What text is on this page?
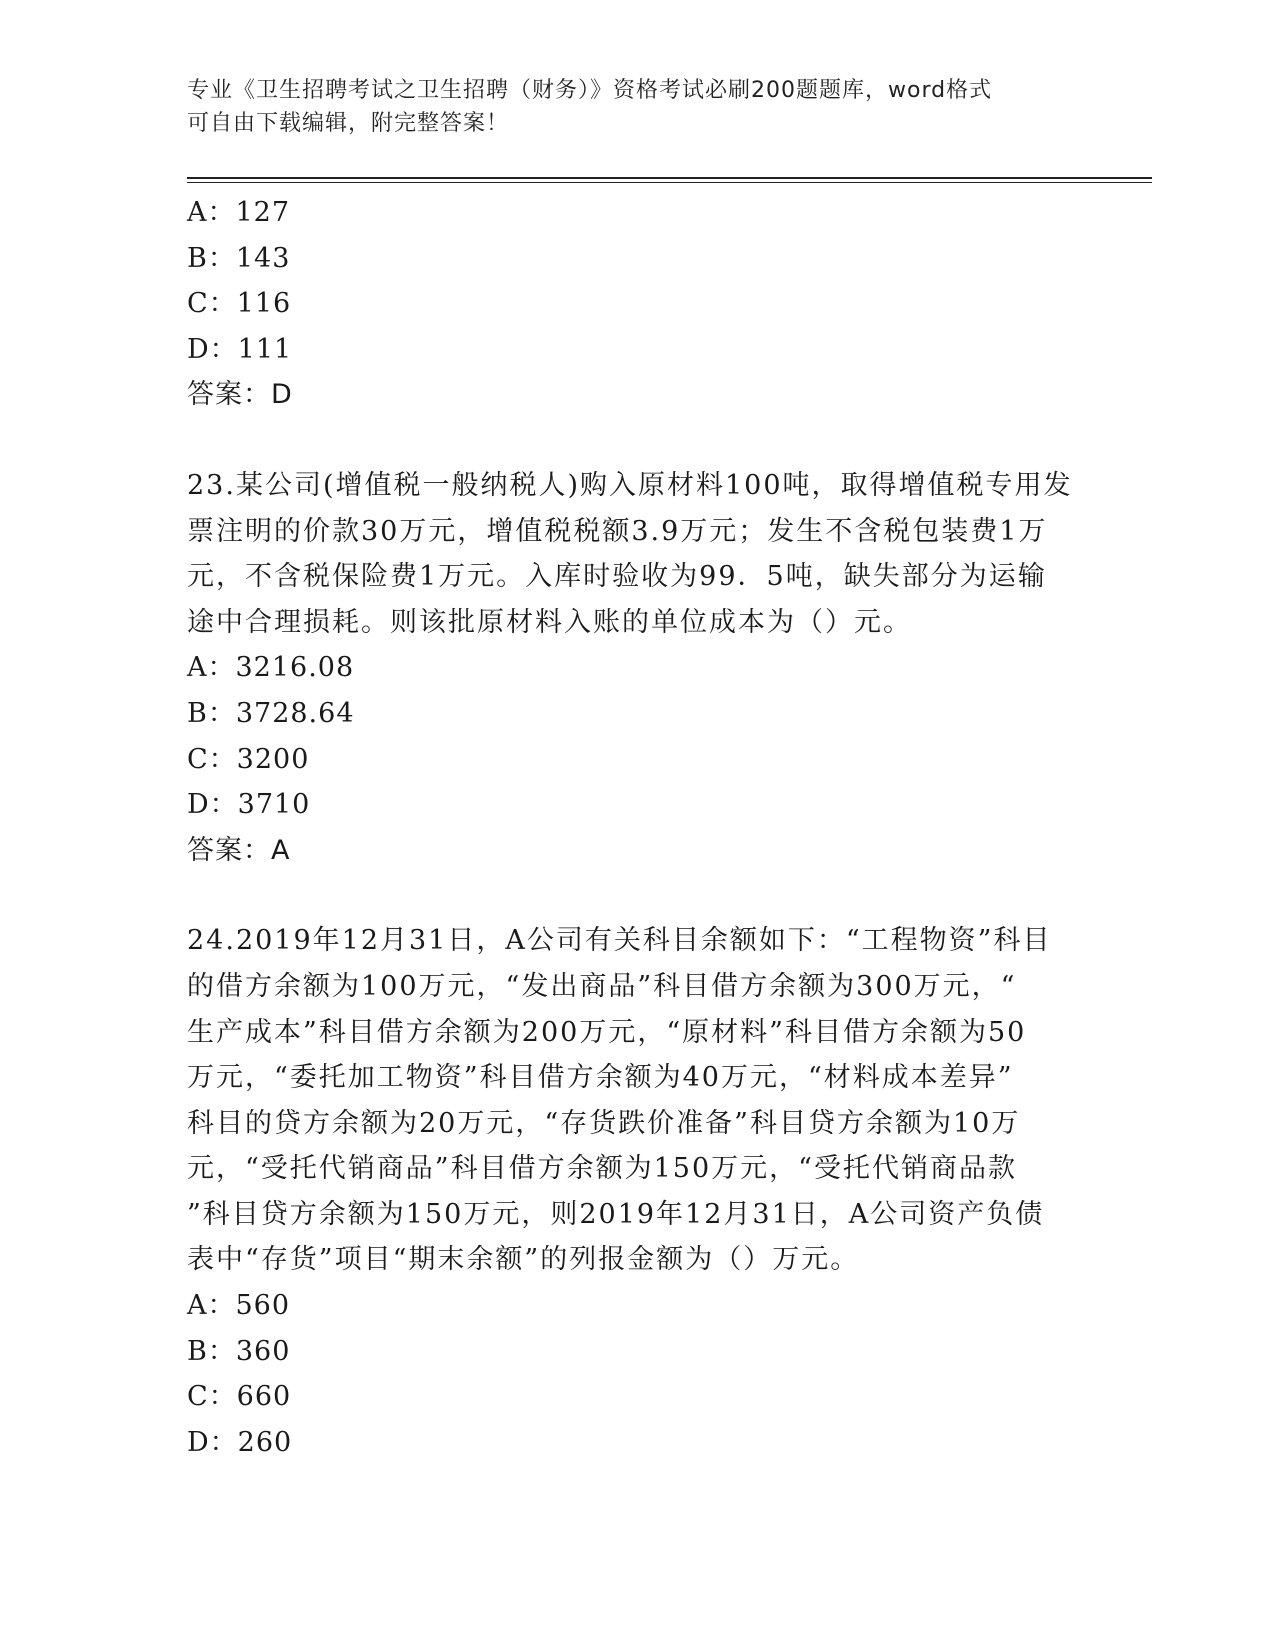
专业《卫生招聘考试之卫生招聘（财务）》资格考试必刷200题题库，word格式
可自由下载编辑，附完整答案！
A：127
B：143
C：116
D：111
答案：D
23.某公司(增值税一般纳税人)购入原材料100吨，取得增值税专用发
票注明的价款30万元，增值税税额3.9万元；发生不含税包装费1万
元，不含税保险费1万元。入库时验收为99．5吨，缺失部分为运输
途中合理损耗。则该批原材料入账的单位成本为（）元。
A：3216.08
B：3728.64
C：3200
D：3710
答案：A
24.2019年12月31日，A公司有关科目余额如下：“工程物资”科目
的借方余额为100万元，“发出商品”科目借方余额为300万元，“
生产成本”科目借方余额为200万元，“原材料”科目借方余额为50
万元，“委托加工物资”科目借方余额为40万元，“材料成本差异”
科目的贷方余额为20万元，“存货跌价准备”科目贷方余额为10万
元，“受托代销商品”科目借方余额为150万元，“受托代销商品款
”科目贷方余额为150万元，则2019年12月31日，A公司资产负债
表中“存货”项目“期末余额”的列报金额为（）万元。
A：560
B：360
C：660
D：260
